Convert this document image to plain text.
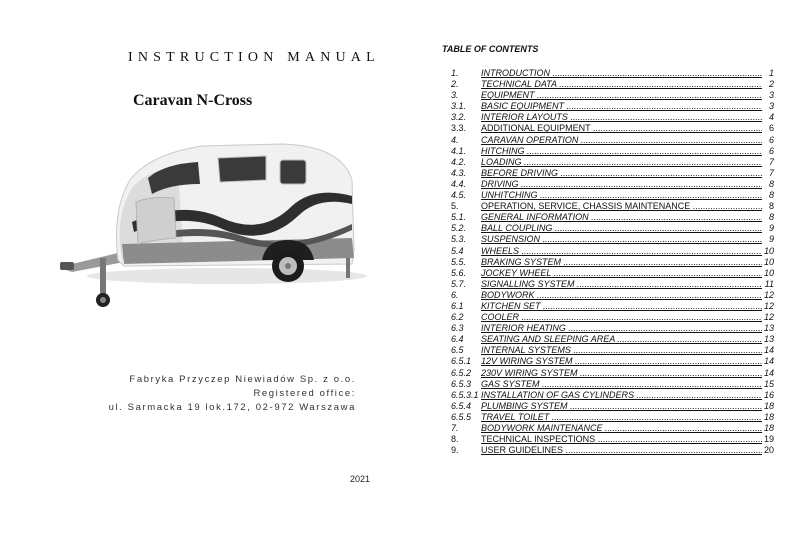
INSTRUCTION MANUAL
Caravan N-Cross
Fabryka Przyczep Niewiadów Sp. z o.o.
Registered office:
ul. Sarmacka 19 lok.172, 02-972 Warszawa
2021
TABLE OF CONTENTS
1. INTRODUCTION .....	1
2. TECHNICAL DATA .....	2
3. EQUIPMENT .....	3
3.1. BASIC EQUIPMENT .....	3
3.2. INTERIOR LAYOUTS .....	4
3.3. ADDITIONAL EQUIPMENT .....	6
4. CARAVAN OPERATION .....	6
4.1. HITCHING .....	6
4.2. LOADING .....	7
4.3. BEFORE DRIVING .....	7
4.4. DRIVING .....	8
4.5. UNHITCHING .....	8
5. OPERATION, SERVICE, CHASSIS MAINTENANCE .....	8
5.1. GENERAL INFORMATION .....	8
5.2. BALL COUPLING .....	9
5.3. SUSPENSION .....	9
5.4 WHEELS .....	10
5.5. BRAKING SYSTEM .....	10
5.6. JOCKEY WHEEL .....	10
5.7. SIGNALLING SYSTEM .....	11
6. BODYWORK .....	12
6.1 KITCHEN SET .....	12
6.2 COOLER .....	12
6.3 INTERIOR HEATING .....	13
6.4 SEATING AND SLEEPING AREA .....	13
6.5 INTERNAL SYSTEMS .....	14
6.5.1 12V WIRING SYSTEM .....	14
6.5.2 230V WIRING SYSTEM .....	14
6.5.3 GAS SYSTEM .....	15
6.5.3.1 INSTALLATION OF GAS CYLINDERS .....	16
6.5.4 PLUMBING SYSTEM .....	18
6.5.5 TRAVEL TOILET .....	18
7. BODYWORK MAINTENANCE .....	18
8. TECHNICAL INSPECTIONS .....	19
9. USER GUIDELINES .....	20
